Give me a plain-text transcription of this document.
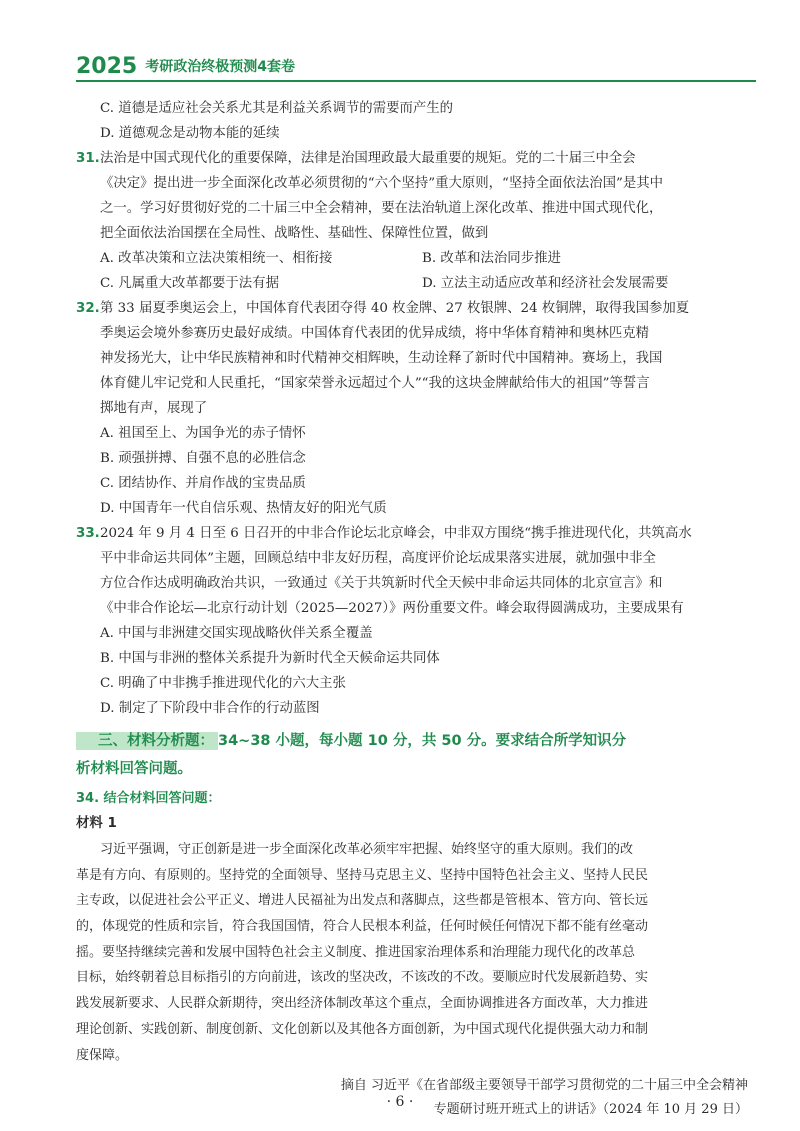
2025 考研政治终极预测4套卷
C. 道德是适应社会关系尤其是利益关系调节的需要而产生的
D. 道德观念是动物本能的延续
31.法治是中国式现代化的重要保障，法律是治国理政最大最重要的规矩。党的二十届三中全会
《决定》提出进一步全面深化改革必须贯彻的“六个坚持”重大原则，“坚持全面依法治国”是其中
之一。学习好贯彻好党的二十届三中全会精神，要在法治轨道上深化改革、推进中国式现代化，
把全面依法治国摆在全局性、战略性、基础性、保障性位置，做到
A. 改革决策和立法决策相统一、相衔接	B. 改革和法治同步推进
C. 凡属重大改革都要于法有据	D. 立法主动适应改革和经济社会发展需要
32.第 33 届夏季奥运会上，中国体育代表团夺得 40 枚金牌、27 枚银牌、24 枚铜牌，取得我国参加夏
季奥运会境外参赛历史最好成绩。中国体育代表团的优异成绩，将中华体育精神和奥林匹克精
神发扬光大，让中华民族精神和时代精神交相辉映，生动诠释了新时代中国精神。赛场上，我国
体育健儿牢记党和人民重托，“国家荣誉永远超过个人”“我的这块金牌献给伟大的祖国”等誓言
掷地有声，展现了
A. 祖国至上、为国争光的赤子情怀
B. 顽强拼搏、自强不息的必胜信念
C. 团结协作、并肩作战的宝贵品质
D. 中国青年一代自信乐观、热情友好的阳光气质
33.2024 年 9 月 4 日至 6 日召开的中非合作论坛北京峰会，中非双方围绕“携手推进现代化，共筑高水
平中非命运共同体”主题，回顾总结中非友好历程，高度评价论坛成果落实进展，就加强中非全
方位合作达成明确政治共识，一致通过《关于共筑新时代全天候中非命运共同体的北京宣言》和
《中非合作论坛—北京行动计划（2025—2027）》两份重要文件。峰会取得圆满成功，主要成果有
A. 中国与非洲建交国实现战略伙伴关系全覆盖
B. 中国与非洲的整体关系提升为新时代全天候命运共同体
C. 明确了中非携手推进现代化的六大主张
D. 制定了下阶段中非合作的行动蓝图
三、材料分析题： 34~38 小题，每小题 10 分，共 50 分。要求结合所学知识分
析材料回答问题。
34. 结合材料回答问题：
材料 1
习近平强调，守正创新是进一步全面深化改革必须牢牢把握、始终坚守的重大原则。我们的改
革是有方向、有原则的。坚持党的全面领导、坚持马克思主义、坚持中国特色社会主义、坚持人民民
主专政，以促进社会公平正义、增进人民福祉为出发点和落脚点，这些都是管根本、管方向、管长远
的，体现党的性质和宗旨，符合我国国情，符合人民根本利益，任何时候任何情况下都不能有丝毫动
摇。要坚持继续完善和发展中国特色社会主义制度、推进国家治理体系和治理能力现代化的改革总
目标，始终朝着总目标指引的方向前进，该改的坚决改，不该改的不改。要顺应时代发展新趋势、实
践发展新要求、人民群众新期待，突出经济体制改革这个重点，全面协调推进各方面改革，大力推进
理论创新、实践创新、制度创新、文化创新以及其他各方面创新，为中国式现代化提供强大动力和制
度保障。
摘自 习近平《在省部级主要领导干部学习贯彻党的二十届三中全会精神
专题研讨班开班式上的讲话》（2024 年 10 月 29 日）
· 6 ·
